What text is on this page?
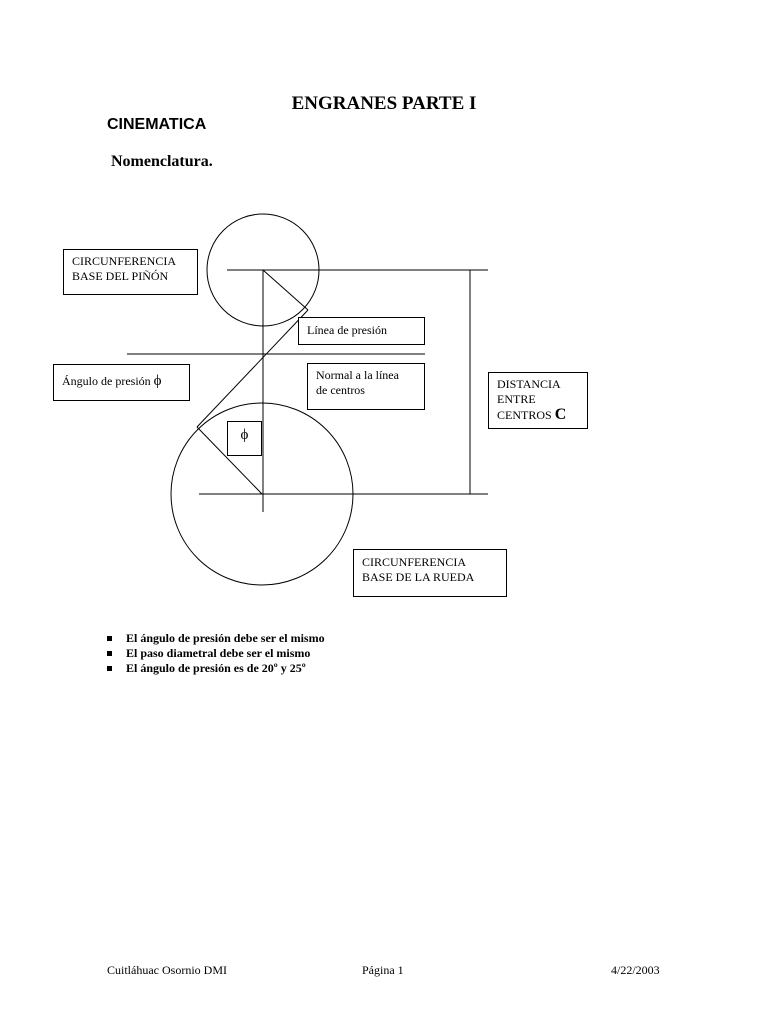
ENGRANES PARTE I
CINEMATICA
Nomenclatura.
CIRCUNFERENCIA
BASE DEL PIÑÓN
Línea de presión
Ángulo de presión ϕ	Normal a la línea
de centros	DISTANCIA
ENTRE
CENTROS C
ϕ
CIRCUNFERENCIA
BASE DE LA RUEDA
El ángulo de presión debe ser el mismo
El paso diametral debe ser el mismo
El ángulo de presión es de 20º y 25º
Cuitláhuac Osornio DMI	Página 1	4/22/2003
